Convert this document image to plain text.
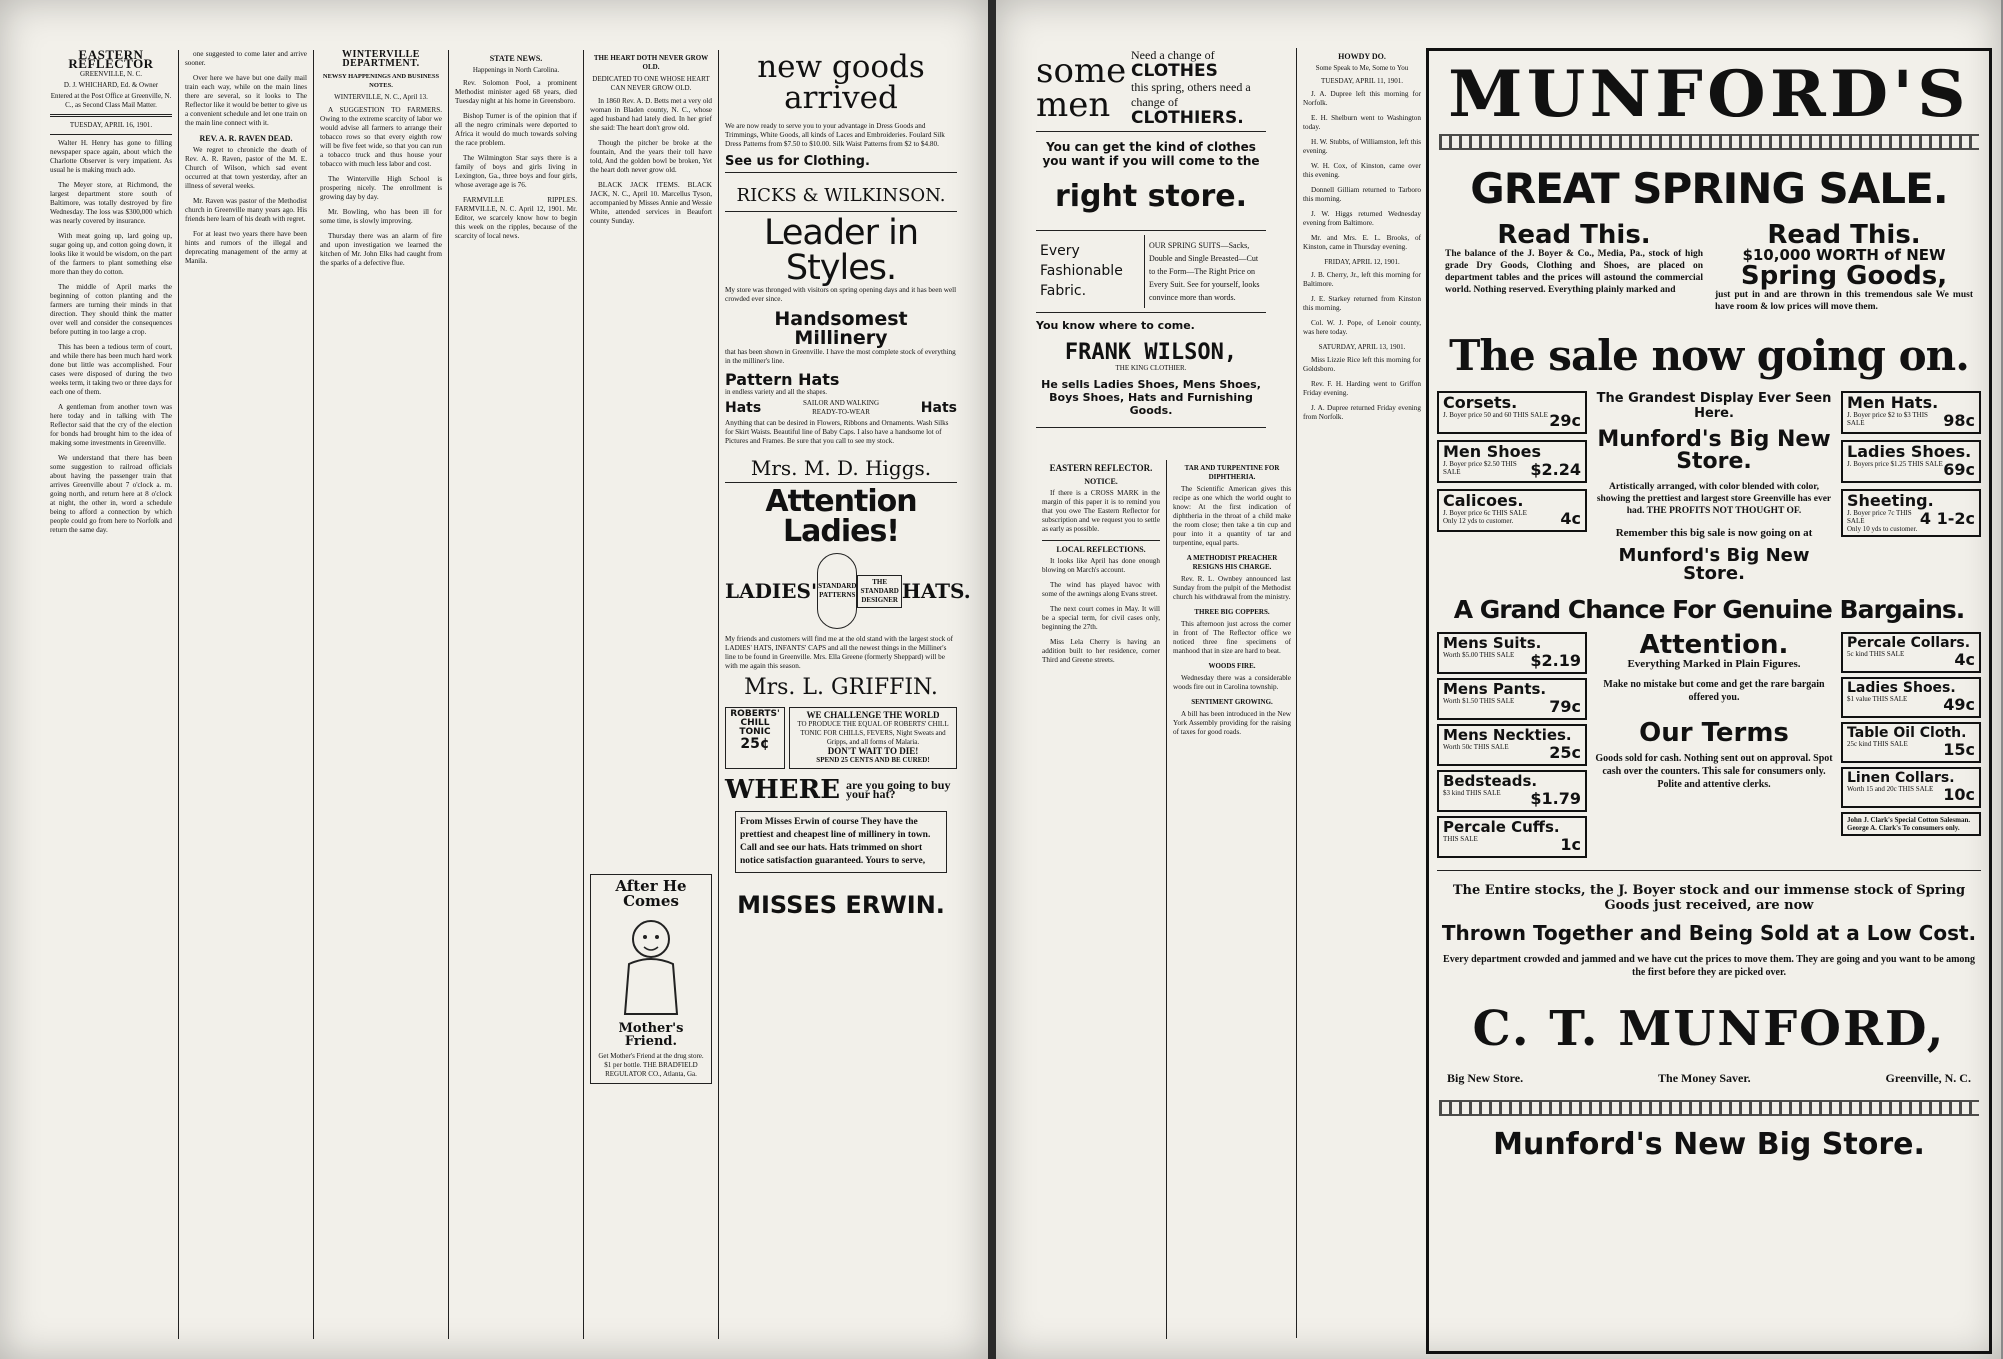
EASTERN REFLECTOR
GREENVILLE, N. C.
D. J. WHICHARD, Ed. & Owner
Entered at the Post Office at Greenville, N. C., as Second Class Mail Matter.
TUESDAY, APRIL 16, 1901.

Walter H. Henry has gone to filling newspaper space again, about which the Charlotte Observer is very impatient. As usual he is making much ado.

The Meyer store, at Richmond, the largest department store south of Baltimore, was totally destroyed by fire Wednesday. The loss was $300,000 which was nearly covered by insurance.

With meat going up, lard going up, sugar going up, and cotton going down, it looks like it would be wisdom, on the part of the farmers to plant something else more than they do cotton.

The middle of April marks the beginning of cotton planting and the farmers are turning their minds in that direction. They should think the matter over well and consider the consequences before putting in too large a crop.

This has been a tedious term of court, and while there has been much hard work done but little was accomplished. Four cases were disposed of during the two weeks term, it taking two or three days for each one of them.

A gentleman from another town was here today and in talking with The Reflector said that the cry of the election for bonds had brought him to the idea of making some investments in Greenville.

We understand that there has been some suggestion to railroad officials about having the passenger train that arrives Greenville about 7 o'clock a. m. going north, and return here at 8 o'clock at night, the other in, word a schedule being to afford a connection by which people could go from here to Norfolk and return the same day.

one suggested to come later and arrive sooner.

Over here we have but one daily mail train each way, while on the main lines there are several, so it looks to The Reflector like it would be better to give us a convenient schedule and let one train on the main line connect with it.

REV. A. R. RAVEN DEAD.

We regret to chronicle the death of Rev. A. R. Raven, pastor of the M. E. Church of Wilson, which sad event occurred at that town yesterday, after an illness of several weeks.

Mr. Raven was pastor of the Methodist church in Greenville many years ago. His friends here learn of his death with regret.

For at least two years there have been hints and rumors of the illegal and deprecating management of the army at Manila.

WINTERVILLE DEPARTMENT.
NEWSY HAPPENINGS AND BUSINESS NOTES.
WINTERVILLE, N. C., April 13.

A SUGGESTION TO FARMERS. Owing to the extreme scarcity of labor we would advise all farmers to arrange their tobacco rows so that every eighth row will be five feet wide, so that you can run a tobacco truck and thus house your tobacco with much less labor and cost.

The Winterville High School is prospering nicely. The enrollment is growing day by day.

Mr. Bowling, who has been ill for some time, is slowly improving.

Thursday there was an alarm of fire and upon investigation we learned the kitchen of Mr. John Elks had caught from the sparks of a defective flue.

STATE NEWS.
Happenings in North Carolina.

Rev. Solomon Pool, a prominent Methodist minister aged 68 years, died Tuesday night at his home in Greensboro.

Bishop Turner is of the opinion that if all the negro criminals were deported to Africa it would do much towards solving the race problem.

The Wilmington Star says there is a family of boys and girls living in Lexington, Ga., three boys and four girls, whose average age is 76.

FARMVILLE RIPPLES. FARMVILLE, N. C. April 12, 1901. Mr. Editor, we scarcely know how to begin this week on the ripples, because of the scarcity of local news.

THE HEART DOTH NEVER GROW OLD.
DEDICATED TO ONE WHOSE HEART CAN NEVER GROW OLD.

In 1860 Rev. A. D. Betts met a very old woman in Bladen county, N. C., whose aged husband had lately died. In her grief she said: The heart don't grow old.

Though the pitcher be broke at the fountain, And the years their toll have told, And the golden bowl be broken, Yet the heart doth never grow old.

BLACK JACK ITEMS. BLACK JACK, N. C., April 10. Marcellus Tyson, accompanied by Misses Annie and Wessie White, attended services in Beaufort county Sunday.

After He Comes
Mother's Friend.
Get Mother's Friend at the drug store. $1 per bottle. THE BRADFIELD REGULATOR CO., Atlanta, Ga.
new goods arrived

We are now ready to serve you to your advantage in Dress Goods and Trimmings, White Goods, all kinds of Laces and Embroideries. Foulard Silk Dress Patterns from $7.50 to $10.00. Silk Waist Patterns from $2 to $4.80.

See us for Clothing.
RICKS & WILKINSON.
Leader in Styles.

My store was thronged with visitors on spring opening days and it has been well crowded ever since.

Handsomest Millinery

that has been shown in Greenville. I have the most complete stock of everything in the milliner's line.

Pattern Hats
in endless variety and all the shapes.
Hats	SAILOR AND WALKING READY-TO-WEAR	Hats

Anything that can be desired in Flowers, Ribbons and Ornaments. Wash Silks for Skirt Waists. Beautiful line of Baby Caps. I also have a handsome lot of Pictures and Frames. Be sure that you call to see my stock.

Mrs. M. D. Higgs.
Attention Ladies!
LADIES' STANDARD PATTERNS
THE STANDARD DESIGNER HATS.

My friends and customers will find me at the old stand with the largest stock of LADIES' HATS, INFANTS' CAPS and all the newest things in the Milliner's line to be found in Greenville. Mrs. Ella Greene (formerly Sheppard) will be with me again this season.

Mrs. L. GRIFFIN.
ROBERTS' CHILL TONIC
25¢
WE CHALLENGE THE WORLD
TO PRODUCE THE EQUAL OF ROBERTS' CHILL TONIC FOR CHILLS, FEVERS, Night Sweats and Gripps, and all forms of Malaria.
DON'T WAIT TO DIE!
SPEND 25 CENTS AND BE CURED!
WHERE are you going to buy your hat?
From Misses Erwin of course They have the prettiest and cheapest line of millinery in town. Call and see our hats. Hats trimmed on short notice satisfaction guaranteed. Yours to serve,
MISSES ERWIN.
some
men
Need a change of
CLOTHES
this spring, others need a change of
CLOTHIERS.
You can get the kind of clothes you want if you will come to the
right store.
Every Fashionable Fabric.
OUR SPRING SUITS—Sacks, Double and Single Breasted—Cut to the Form—The Right Price on Every Suit. See for yourself, looks convince more than words.
You know where to come.
FRANK WILSON,
THE KING CLOTHIER.
He sells Ladies Shoes, Mens Shoes, Boys Shoes, Hats and Furnishing Goods.
EASTERN REFLECTOR.
NOTICE.

If there is a CROSS MARK in the margin of this paper it is to remind you that you owe The Eastern Reflector for subscription and we request you to settle as early as possible.

LOCAL REFLECTIONS.

It looks like April has done enough blowing on March's account.

The wind has played havoc with some of the awnings along Evans street.

The next court comes in May. It will be a special term, for civil cases only, beginning the 27th.

Miss Lela Cherry is having an addition built to her residence, corner Third and Greene streets.

TAR AND TURPENTINE FOR DIPHTHERIA.

The Scientific American gives this recipe as one which the world ought to know: At the first indication of diphtheria in the throat of a child make the room close; then take a tin cup and pour into it a quantity of tar and turpentine, equal parts.

A METHODIST PREACHER RESIGNS HIS CHARGE.

Rev. R. L. Ownbey announced last Sunday from the pulpit of the Methodist church his withdrawal from the ministry.

THREE BIG COPPERS.

This afternoon just across the corner in front of The Reflector office we noticed three fine specimens of manhood that in size are hard to beat.

WOODS FIRE.

Wednesday there was a considerable woods fire out in Carolina township.

SENTIMENT GROWING.

A bill has been introduced in the New York Assembly providing for the raising of taxes for good roads.

HOWDY DO.
Some Speak to Me, Some to You
TUESDAY, APRIL 11, 1901.

J. A. Dupree left this morning for Norfolk.

E. H. Shelburn went to Washington today.

H. W. Stubbs, of Williamston, left this evening.

W. H. Cox, of Kinston, came over this evening.

Donnell Gilliam returned to Tarboro this morning.

J. W. Higgs returned Wednesday evening from Baltimore.

Mr. and Mrs. E. L. Brooks, of Kinston, came in Thursday evening.

FRIDAY, APRIL 12, 1901.

J. B. Cherry, Jr., left this morning for Baltimore.

J. E. Starkey returned from Kinston this morning.

Col. W. J. Pope, of Lenoir county, was here today.

SATURDAY, APRIL 13, 1901.

Miss Lizzie Rice left this morning for Goldsboro.

Rev. F. H. Harding went to Griffon Friday evening.

J. A. Dupree returned Friday evening from Norfolk.

MUNFORD'S
GREAT SPRING SALE.
Read This.
The balance of the J. Boyer & Co., Media, Pa., stock of high grade Dry Goods, Clothing and Shoes, are placed on department tables and the prices will astound the commercial world. Nothing reserved. Everything plainly marked and
Read This.
$10,000 WORTH of NEW
Spring Goods,
just put in and are thrown in this tremendous sale We must have room & low prices will move them.
The sale now going on.
Corsets.
29c
J. Boyer price 50 and 60 THIS SALE
Men Shoes
$2.24
J. Boyer price $2.50 THIS SALE
Calicoes.
4c
J. Boyer price 6c THIS SALE
Only 12 yds to customer.
The Grandest Display Ever Seen Here.
Munford's Big New Store.
Artistically arranged, with color blended with color, showing the prettiest and largest store Greenville has ever had. THE PROFITS NOT THOUGHT OF.
Remember this big sale is now going on at
Munford's Big New Store.
Men Hats.
98c
J. Boyer price $2 to $3 THIS SALE
Ladies Shoes.
69c
J. Boyers price $1.25 THIS SALE
Sheeting.
4 1-2c
J. Boyer price 7c THIS SALE
Only 10 yds to customer.
A Grand Chance For Genuine Bargains.
Mens Suits.
$2.19
Worth $5.00 THIS SALE
Mens Pants.
79c
Worth $1.50 THIS SALE
Mens Neckties.
25c
Worth 50c THIS SALE
Bedsteads.
$1.79
$3 kind THIS SALE
Percale Cuffs.
1c
THIS SALE
Attention.
Everything Marked in Plain Figures.
Make no mistake but come and get the rare bargain offered you.
Our Terms
Goods sold for cash. Nothing sent out on approval. Spot cash over the counters. This sale for consumers only. Polite and attentive clerks.
Percale Collars.
4c
5c kind THIS SALE
Ladies Shoes.
49c
$1 value THIS SALE
Table Oil Cloth.
15c
25c kind THIS SALE
Linen Collars.
10c
Worth 15 and 20c THIS SALE
John J. Clark's Special Cotton Salesman. George A. Clark's To consumers only.
The Entire stocks, the J. Boyer stock and our immense stock of Spring Goods just received, are now
Thrown Together and Being Sold at a Low Cost.
Every department crowded and jammed and we have cut the prices to move them. They are going and you want to be among the first before they are picked over.
C. T. MUNFORD,
Big New Store.	The Money Saver.	Greenville, N. C.
Munford's New Big Store.
